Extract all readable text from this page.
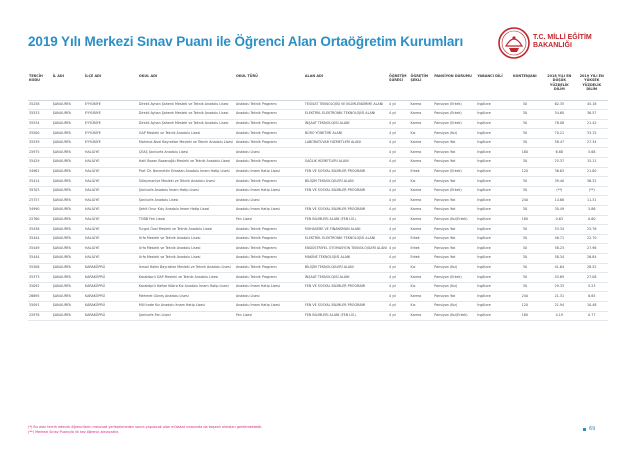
2019 Yılı Merkezi Sınav Puanı ile Öğrenci Alan Ortaöğretim Kurumları	T.C. MİLLİ EĞİTİM
BAKANLIĞI
TERCİH KODU	İL ADI	İLÇE ADI	OKUL ADI	OKUL TÜRÜ	ALAN ADI	ÖĞRETİM SÜRESİ	ÖĞRETİM ŞEKLİ	PANSİYON DURUMU	YABANCI DİLİ	KONTENJANI	2018 YILI EN DÜŞÜK YÜZDELİK DİLİM	2019 YILI EN YÜKSEK YÜZDELİK DİLİM
35258	ŞANLIURFA	EYYÜBİYE	Direkli Ayhan Şahenk Mesleki ve Teknik Anadolu Lisesi	Anadolu Teknik Programı	TESİSAT TEKNOLOJİSİ VE İKLİMLENDİRME ALANI	4 yıl	Karma	Pansiyon (Erkek)	İngilizce	30	62.35	45.18
35533	ŞANLIURFA	EYYÜBİYE	Direkli Ayhan Şahenk Mesleki ve Teknik Anadolu Lisesi	Anadolu Teknik Programı	ELEKTRİK- ELEKTRONİK TEKNOLOJİSİ ALANI	4 yıl	Karma	Pansiyon (Erkek)	İngilizce	30	54.60	36.57
35534	ŞANLIURFA	EYYÜBİYE	Direkli Ayhan Şahenk Mesleki ve Teknik Anadolu Lisesi	Anadolu Teknik Programı	İNŞAAT TEKNOLOJİSİ ALANI	4 yıl	Karma	Pansiyon (Erkek)	İngilizce	30	78.08	21.42
35500	ŞANLIURFA	EYYÜBİYE	GAP Mesleki ve Teknik Anadolu Lisesi	Anadolu Teknik Programı	BÜRO YÖNETİMİ ALANI	4 yıl	Kız	Pansiyon (Kız)	İngilizce	30	70.21	33.15
35539	ŞANLIURFA	EYYÜBİYE	Mahmut-Nuel Bayraktar Mesleki ve Teknik Anadolu Lisesi	Anadolu Teknik Programı	LABORATUVAR HİZMETLERİ ALANI	4 yıl	Karma	Pansiyon Yok	İngilizce	30	58.47	27.34
25975	ŞANLIURFA	HALİLİYE	ÇEAŞ Şanlıurfa Anadolu Lisesi	Anadolu Lisesi		4 yıl	Karma	Pansiyon Yok	İngilizce	180	6.88	5.68
35429	ŞANLIURFA	HALİLİYE	Halil Bozan Bozanoğlu Mesleki ve Teknik Anadolu Lisesi	Anadolu Teknik Programı	SAĞLIK HİZMETLERİ ALANI	4 yıl	Karma	Pansiyon Yok	İngilizce	30	25.37	15.11
34961	ŞANLIURFA	HALİLİYE	Prof. Dr. Necmettin Erbakan Anadolu İmam Hatip Lisesi	Anadolu İmam Hatip Lisesi	FEN VE SOSYAL BİLİMLER PROGRAMI	4 yıl	Erkek	Pansiyon (Erkek)	İngilizce	120	36.63	21.80
35414	ŞANLIURFA	HALİLİYE	Süleymaniye Mesleki ve Teknik Anadolu Lisesi	Anadolu Teknik Programı	BİLİŞİM TEKNOLOJİLERİ ALANI	4 yıl	Kız	Pansiyon Yok	İngilizce	30	39.40	36.32
39703	ŞANLIURFA	HALİLİYE	Şanlıurfa Anadolu İmam Hatip Lisesi	Anadolu İmam Hatip Lisesi	FEN VE SOSYAL BİLİMLER PROGRAMI	4 yıl	Karma	Pansiyon (Erkek)	İngilizce	30	(**)	(**)
25757	ŞANLIURFA	HALİLİYE	Şanlıurfa Anadolu Lisesi	Anadolu Lisesi		4 yıl	Karma	Pansiyon Yok	İngilizce	240	14.68	11.31
34990	ŞANLIURFA	HALİLİYE	Şehit Onur Kılıç Anadolu İmam Hatip Lisesi	Anadolu İmam Hatip Lisesi	FEN VE SOSYAL BİLİMLER PROGRAMI	4 yıl	Karma	Pansiyon Yok	İngilizce	30	30.49	5.86
25760	ŞANLIURFA	HALİLİYE	TOBB Fen Lisesi	Fen Lisesi	FEN BİLİMLERİ ALANI (FEN LİS.)	4 yıl	Karma	Pansiyon (Kız/Erkek)	İngilizce	180	0.63	0.60
35438	ŞANLIURFA	HALİLİYE	Turgut Özal Mesleki ve Teknik Anadolu Lisesi	Anadolu Teknik Programı	MUHASEBE VE FİNANSMAN ALANI	4 yıl	Karma	Pansiyon Yok	İngilizce	30	53.34	25.76
35444	ŞANLIURFA	HALİLİYE	Urfa Mesleki ve Teknik Anadolu Lisesi	Anadolu Teknik Programı	ELEKTRİK- ELEKTRONİK TEKNOLOJİSİ ALANI	4 yıl	Erkek	Pansiyon Yok	İngilizce	30	48.71	22.70
35449	ŞANLIURFA	HALİLİYE	Urfa Mesleki ve Teknik Anadolu Lisesi	Anadolu Teknik Programı	ENDÜSTRİYEL OTOMASYON TEKNOLOJİLERİ ALANI	4 yıl	Erkek	Pansiyon Yok	İngilizce	30	58.23	27.96
35444	ŞANLIURFA	HALİLİYE	Urfa Mesleki ve Teknik Anadolu Lisesi	Anadolu Teknik Programı	MAKİNE TEKNOLOJİSİ ALANI	4 yıl	Erkek	Pansiyon Yok	İngilizce	30	58.34	26.84
35308	ŞANLIURFA	KARAKÖPRÜ	İsmail Hakkı Bayraktar Mesleki ve Teknik Anadolu Lisesi	Anadolu Teknik Programı	BİLİŞİM TEKNOLOJİLERİ ALANI	4 yıl	Kız	Pansiyon (Kız)	İngilizce	30	41.64	28.52
35373	ŞANLIURFA	KARAKÖPRÜ	Karaköprü GAP Mesleki ve Teknik Anadolu Lisesi	Anadolu Teknik Programı	İNŞAAT TEKNOLOJİSİ ALANI	4 yıl	Karma	Pansiyon (Erkek)	İngilizce	30	43.69	27.08
35092	ŞANLIURFA	KARAKÖPRÜ	Karaköprü Hafize Kübra Kız Anadolu İmam Hatip Lisesi	Anadolu İmam Hatip Lisesi	FEN VE SOSYAL BİLİMLER PROGRAMI	4 yıl	Kız	Pansiyon (Kız)	İngilizce	30	29.33	5.23
26695	ŞANLIURFA	KARAKÖPRÜ	Mehmet Güneş Anadolu Lisesi	Anadolu Lisesi		4 yıl	Karma	Pansiyon Yok	İngilizce	240	21.31	8.65
35091	ŞANLIURFA	KARAKÖPRÜ	Mili İrade Kız Anadolu İmam Hatip Lisesi	Anadolu İmam Hatip Lisesi	FEN VE SOSYAL BİLİMLER PROGRAMI	4 yıl	Kız	Pansiyon (Kız)	İngilizce	120	21.94	10.48
25978	ŞANLIURFA	KARAKÖPRÜ	Şanlıurfa Fen Lisesi	Fen Lisesi	FEN BİLİMLERİ ALANI (FEN LİS.)	4 yıl	Karma	Pansiyon (Kız/Erkek)	İngilizce	180	4.19	0.77
(*) Bu alan tercih edecek öğrencilerin mevzuat yerleştirmeden sonra yapılacak olan mülakat sınavında da başarılı olmaları gerekmektedir.
(**) Merkezi Sınav Puanıyla ilk kez öğrenci alınacaktır.	69
